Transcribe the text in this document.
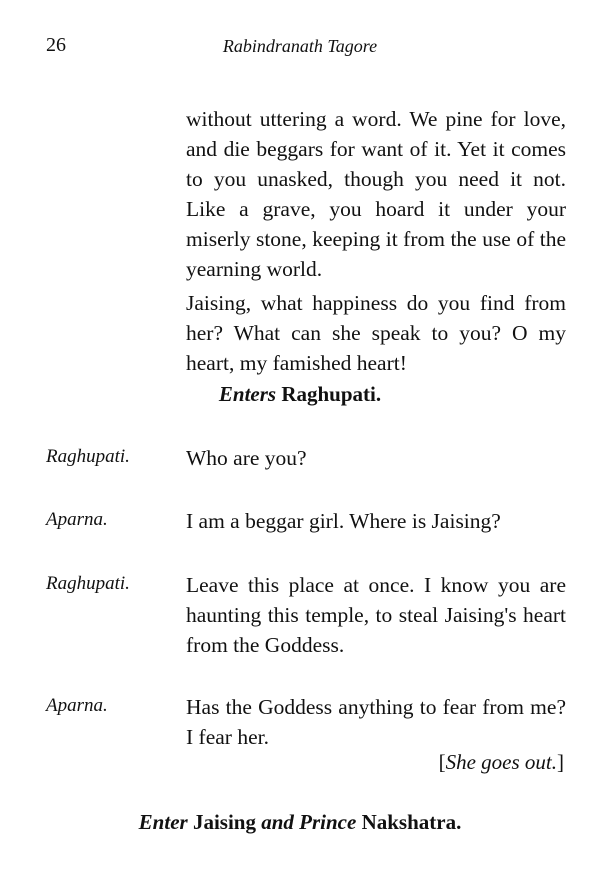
26	Rabindranath Tagore
without uttering a word. We pine for love, and die beggars for want of it. Yet it comes to you unasked, though you need it not. Like a grave, you hoard it under your miserly stone, keeping it from the use of the yearning world.
Jaising, what happiness do you find from her? What can she speak to you? O my heart, my famished heart!
Enters Raghupati.
Raghupati.	Who are you?
Aparna.	I am a beggar girl. Where is Jaising?
Raghupati.	Leave this place at once. I know you are haunting this temple, to steal Jaising's heart from the Goddess.
Aparna.	Has the Goddess anything to fear from me? I fear her.
[She goes out.]
Enter Jaising and Prince Nakshatra.
